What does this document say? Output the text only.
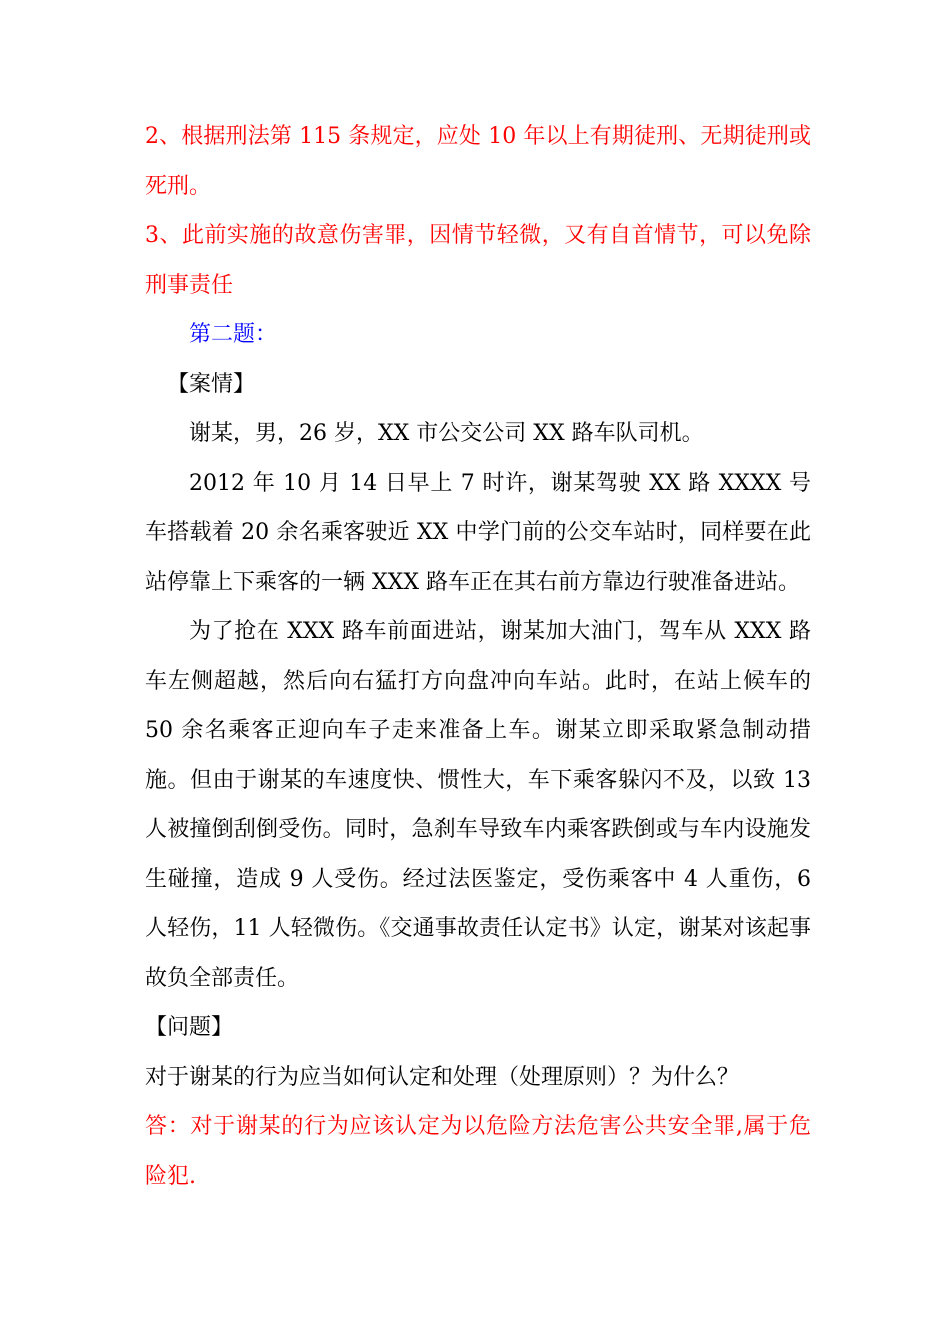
2、根据刑法第 115 条规定，应处 10 年以上有期徒刑、无期徒刑或死刑。

3、此前实施的故意伤害罪，因情节轻微，又有自首情节，可以免除刑事责任

第二题：

【案情】

谢某，男，26 岁，XX 市公交公司 XX 路车队司机。

2012 年 10 月 14 日早上 7 时许，谢某驾驶 XX 路 XXXX 号车搭载着 20 余名乘客驶近 XX 中学门前的公交车站时，同样要在此站停靠上下乘客的一辆 XXX 路车正在其右前方靠边行驶准备进站。

为了抢在 XXX 路车前面进站，谢某加大油门，驾车从 XXX 路车左侧超越，然后向右猛打方向盘冲向车站。此时，在站上候车的 50 余名乘客正迎向车子走来准备上车。谢某立即采取紧急制动措施。但由于谢某的车速度快、惯性大，车下乘客躲闪不及，以致 13 人被撞倒刮倒受伤。同时，急刹车导致车内乘客跌倒或与车内设施发生碰撞，造成 9 人受伤。经过法医鉴定，受伤乘客中 4 人重伤，6 人轻伤，11 人轻微伤。《交通事故责任认定书》认定，谢某对该起事故负全部责任。

【问题】

对于谢某的行为应当如何认定和处理（处理原则）？为什么？

答：对于谢某的行为应该认定为以危险方法危害公共安全罪,属于危险犯.
